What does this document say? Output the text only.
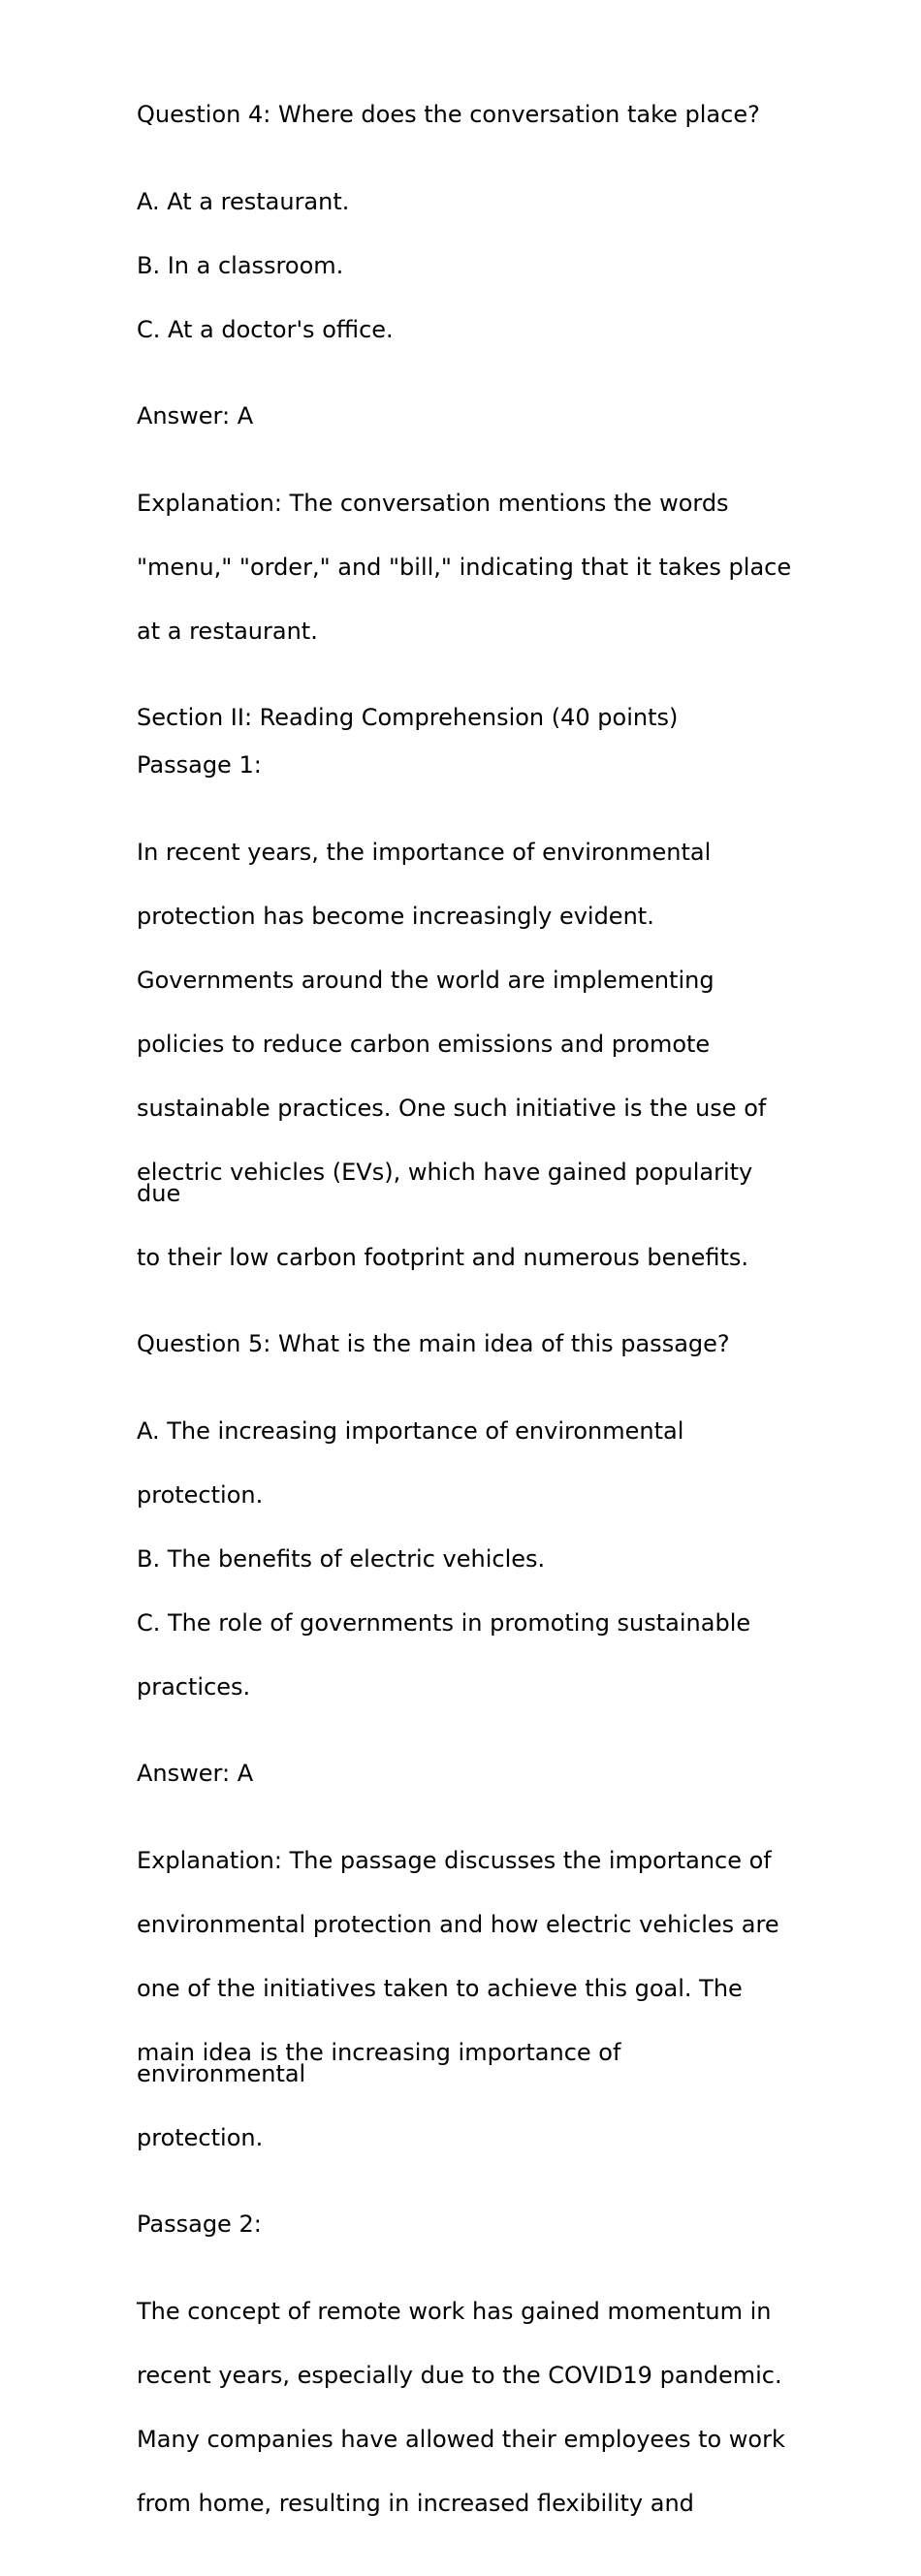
Question 4: Where does the conversation take place?

A. At a restaurant.

B. In a classroom.

C. At a doctor's office.

Answer: A

Explanation: The conversation mentions the words

"menu," "order," and "bill," indicating that it takes place

at a restaurant.

Section II: Reading Comprehension (40 points)
Passage 1:

In recent years, the importance of environmental

protection has become increasingly evident.

Governments around the world are implementing

policies to reduce carbon emissions and promote

sustainable practices. One such initiative is the use of

electric vehicles (EVs), which have gained popularity due

to their low carbon footprint and numerous benefits.

Question 5: What is the main idea of this passage?

A. The increasing importance of environmental

protection.

B. The benefits of electric vehicles.

C. The role of governments in promoting sustainable

practices.

Answer: A

Explanation: The passage discusses the importance of

environmental protection and how electric vehicles are

one of the initiatives taken to achieve this goal. The

main idea is the increasing importance of environmental

protection.

Passage 2:

The concept of remote work has gained momentum in

recent years, especially due to the COVID19 pandemic.

Many companies have allowed their employees to work

from home, resulting in increased flexibility and
